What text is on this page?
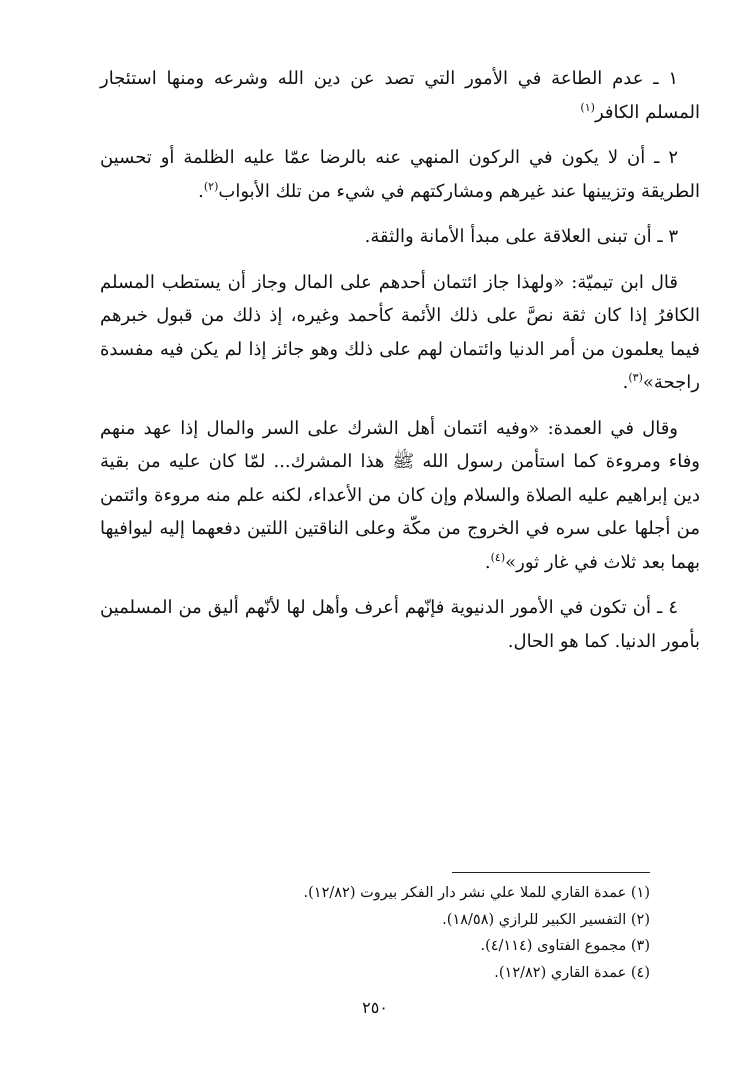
١ ـ عدم الطاعة في الأمور التي تصد عن دين الله وشرعه ومنها استئجار المسلم الكافر$^{(١)}$

٢ ـ أن لا يكون في الركون المنهي عنه بالرضا عمّا عليه الظلمة أو تحسين الطريقة وتزيينها عند غيرهم ومشاركتهم في شيء من تلك الأبواب$^{(٢)}$.

٣ ـ أن تبنى العلاقة على مبدأ الأمانة والثقة.

قال ابن تيميّة: «ولهذا جاز ائتمان أحدهم على المال وجاز أن يستطب المسلم الكافرُ إذا كان ثقة نصَّ على ذلك الأئمة كأحمد وغيره، إذ ذلك من قبول خبرهم فيما يعلمون من أمر الدنيا وائتمان لهم على ذلك وهو جائز إذا لم يكن فيه مفسدة راجحة»$^{(٣)}$.

وقال في العمدة: «وفيه ائتمان أهل الشرك على السر والمال إذا عهد منهم وفاء ومروءة كما استأمن رسول الله ﷺ هذا المشرك... لمّا كان عليه من بقية دين إبراهيم عليه الصلاة والسلام وإن كان من الأعداء، لكنه علم منه مروءة وائتمن من أجلها على سره في الخروج من مكّة وعلى الناقتين اللتين دفعهما إليه ليوافيها بهما بعد ثلاث في غار ثور»$^{(٤)}$.

٤ ـ أن تكون في الأمور الدنيوية فإنّهم أعرف وأهل لها لأنّهم أليق من المسلمين بأمور الدنيا. كما هو الحال.

(١) عمدة القاري للملا علي نشر دار الفكر بيروت (١٢/٨٢).

(٢) التفسير الكبير للرازي (١٨/٥٨).

(٣) مجموع الفتاوى (٤/١١٤).

(٤) عمدة القاري (١٢/٨٢).

٢٥٠
